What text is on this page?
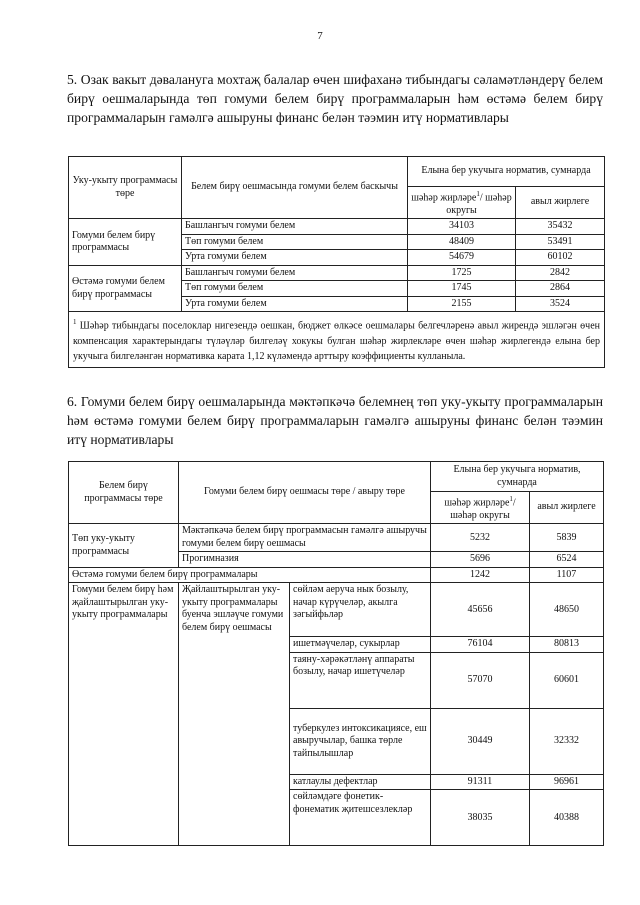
7

5. Озак вакыт дәваланугa мохтаҗ балалар өчен шифаханә тибындагы сәламәтләндерү белем бирү оешмаларында төп гомуми белем бирү программаларын һәм өстәмә белем бирү программаларын гамәлгә ашыруны финанс белән тәэмин итү нормативлары

Уку-укыту программасы төре	Белем бирү оешмасында гомуми белем баскычы	Елына бер укучыга норматив, сумнарда	
		шәһәр жирләре$^1$/ шәһәр округы	авыл жирлеге
Гомуми белем бирү программасы	Башлангыч гомуми белем	34103	35432
	Төп гомуми белем	48409	53491
	Урта гомуми белем	54679	60102
Өстәмә гомуми белем бирү программасы	Башлангыч гомуми белем	1725	2842
	Төп гомуми белем	1745	2864
	Урта гомуми белем	2155	3524
$^1$ Шәһәр тибындагы поселоклар нигезендә оешкан, бюджет өлкәсе оешмалары белгечләренә авыл жирендә эшләгән өчен компенсация характерындагы түләүләр билгеләү хокукы булган шәһәр жирлекләре өчен шәһәр жирлегендә елына бер укучыга билгеләнгән нормативка карата 1,12 күләмендә арттыру коэффициенты кулланыла.			

6. Гомуми белем бирү оешмаларында мәктәпкәчә белемнең төп уку-укыту программаларын һәм өстәмә гомуми белем бирү программаларын гамәлгә ашыруны финанс белән тәэмин итү нормативлары

Белем бирү программасы төре	Гомуми белем бирү оешмасы төре / авыру төре		Елына бер укучыга норматив, сумнарда	
			шәһәр жирләре$^1$/ шәһәр округы	авыл жирлеге
Төп уку-укыту программасы	Мәктәпкәчә белем бирү программасын гамәлгә ашыручы гомуми белем бирү оешмасы		5232	5839
	Прогимназия		5696	6524
Өстәмә гомуми белем бирү программалары			1242	1107
Гомуми белем бирү һәм җайлаштырылган уку-укыту программалары	Җайлаштырылган уку-укыту программалары буенча эшләүче гомуми белем бирү оешмасы	сөйләм аеруча нык бозылу, начар күрүчеләр, акылга зәгыйфьләр	45656	48650
		ишетмәүчеләр, сукырлар	76104	80813
		таяну-хәрәкәтләнү аппараты бозылу, начар ишетүчеләр	57070	60601
		туберкулез интоксикациясе, еш авыручылар, башка төрле тайпылышлар	30449	32332
		катлаулы дефектлар	91311	96961
		сөйләмдәге фонетик-фонематик җитешсезлекләр	38035	40388
